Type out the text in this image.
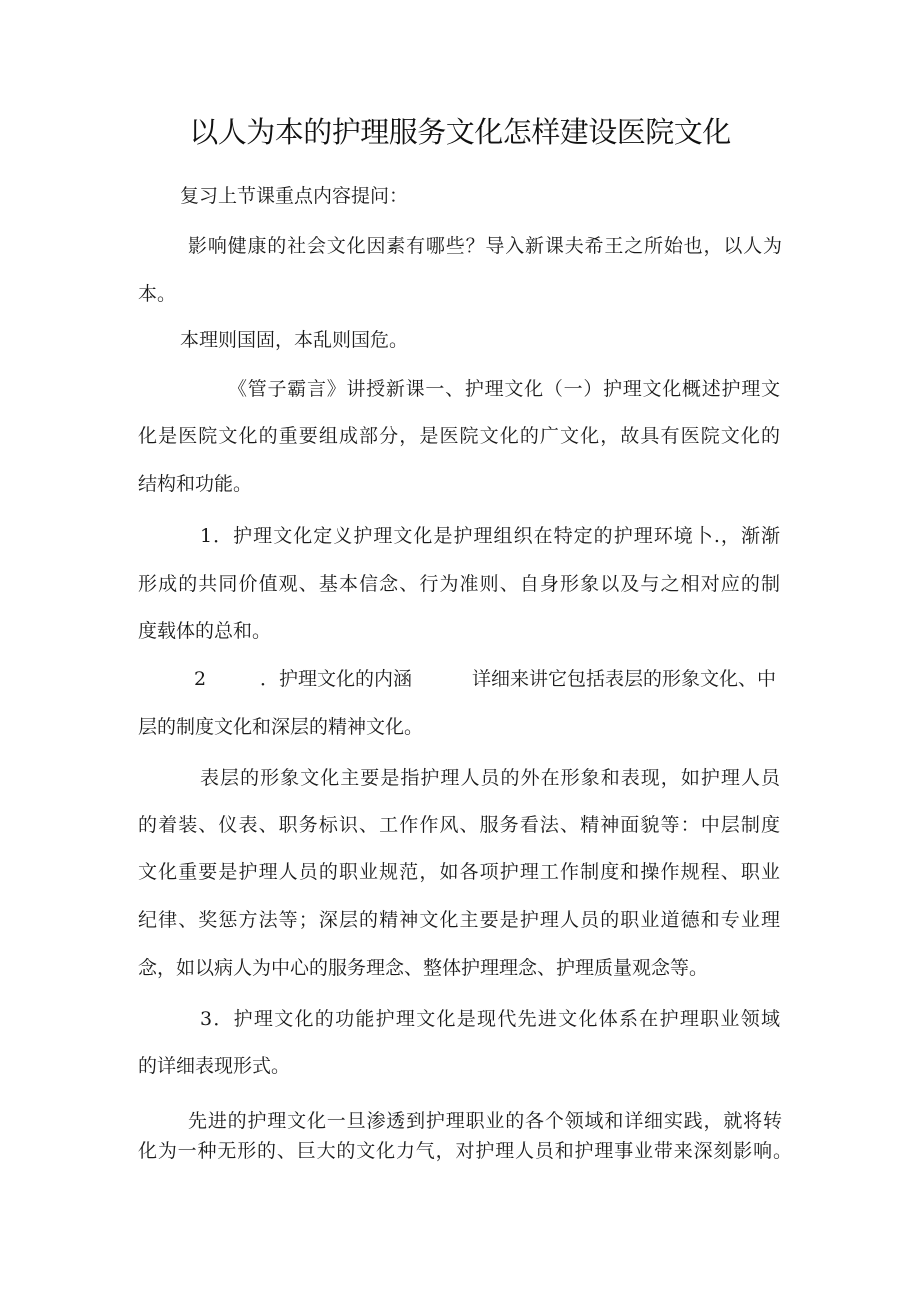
以人为本的护理服务文化怎样建设医院文化
复习上节课重点内容提问：
影响健康的社会文化因素有哪些？导入新课夫希王之所始也，以人为
本。
本理则国固，本乱则国危。
《管子霸言》讲授新课一、护理文化（一）护理文化概述护理文
化是医院文化的重要组成部分，是医院文化的广文化，故具有医院文化的
结构和功能。
1．护理文化定义护理文化是护理组织在特定的护理环境卜.，渐渐
形成的共同价值观、基本信念、行为准则、自身形象以及与之相对应的制
度载体的总和。
2	．护理文化的内涵	详细来讲它包括表层的形象文化、中
层的制度文化和深层的精神文化。
表层的形象文化主要是指护理人员的外在形象和表现，如护理人员
的着装、仪表、职务标识、工作作风、服务看法、精神面貌等：中层制度
文化重要是护理人员的职业规范，如各项护理工作制度和操作规程、职业
纪律、奖惩方法等；深层的精神文化主要是护理人员的职业道德和专业理
念，如以病人为中心的服务理念、整体护理理念、护理质量观念等。
3．护理文化的功能护理文化是现代先进文化体系在护理职业领域
的详细表现形式。
先进的护理文化一旦渗透到护理职业的各个领域和详细实践，就将转
化为一种无形的、巨大的文化力气，对护理人员和护理事业带来深刻影响。
